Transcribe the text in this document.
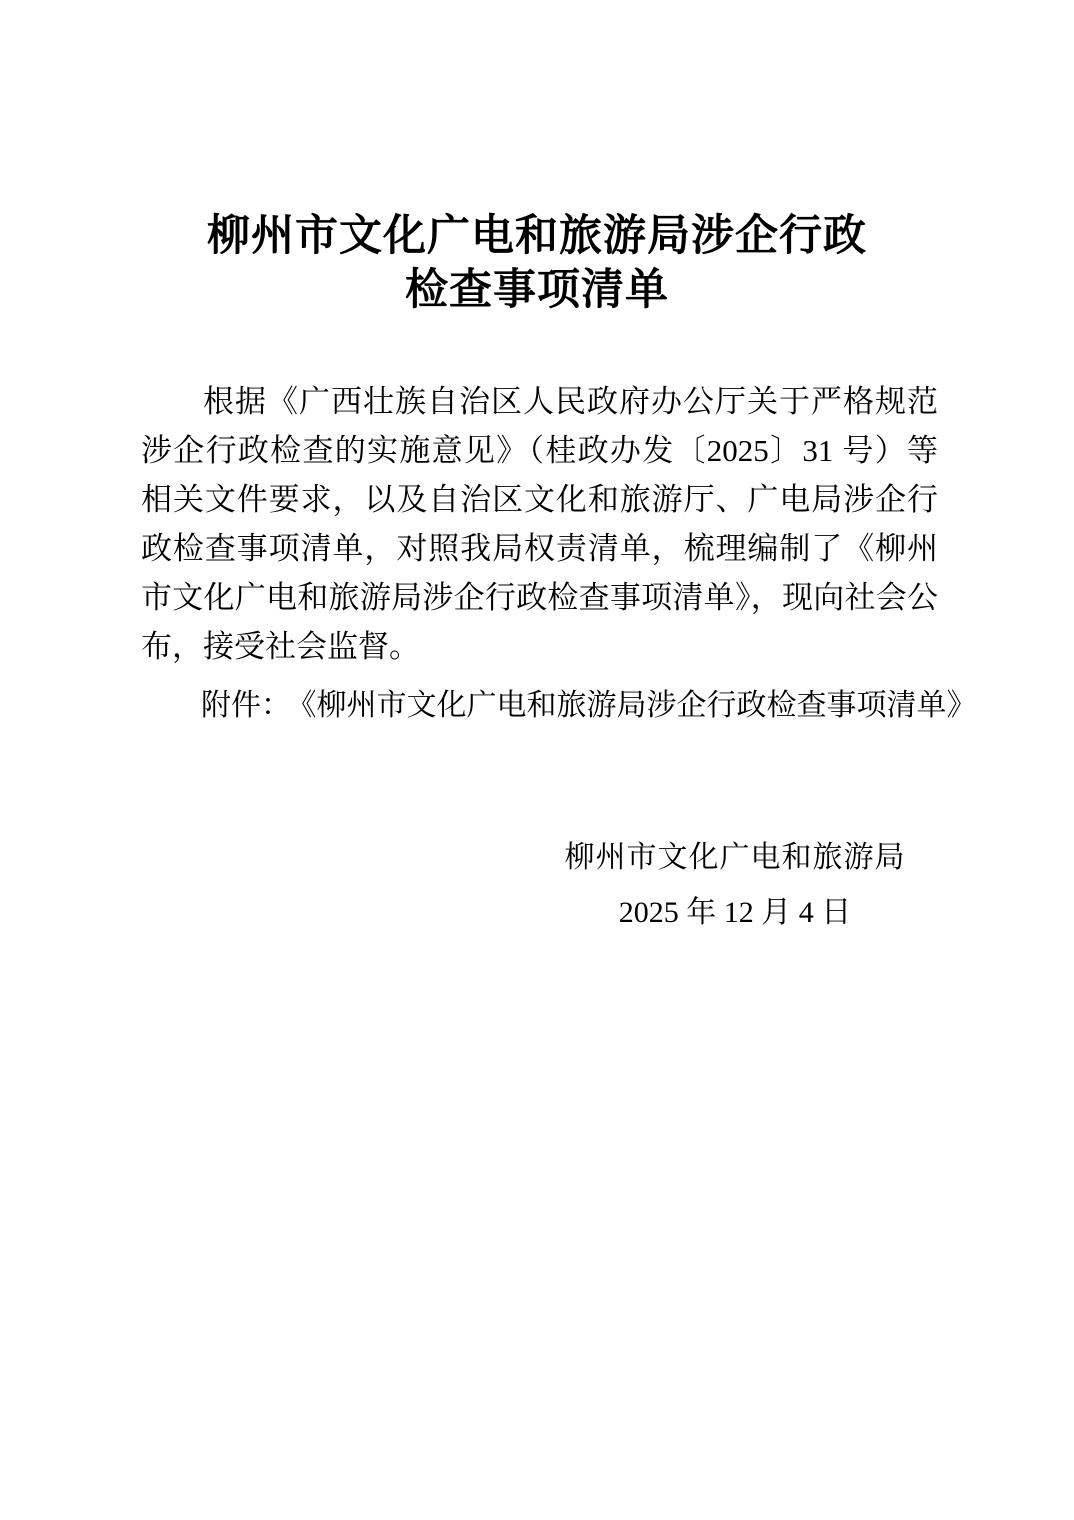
柳州市文化广电和旅游局涉企行政
检查事项清单
根据《广西壮族自治区人民政府办公厅关于严格规范涉企行政检查的实施意见》（桂政办发〔2025〕31 号）等相关文件要求，以及自治区文化和旅游厅、广电局涉企行政检查事项清单，对照我局权责清单，梳理编制了《柳州市文化广电和旅游局涉企行政检查事项清单》，现向社会公布，接受社会监督。
附件： 《柳州市文化广电和旅游局涉企行政检查事项清单》
柳州市文化广电和旅游局
2025 年 12 月 4 日
